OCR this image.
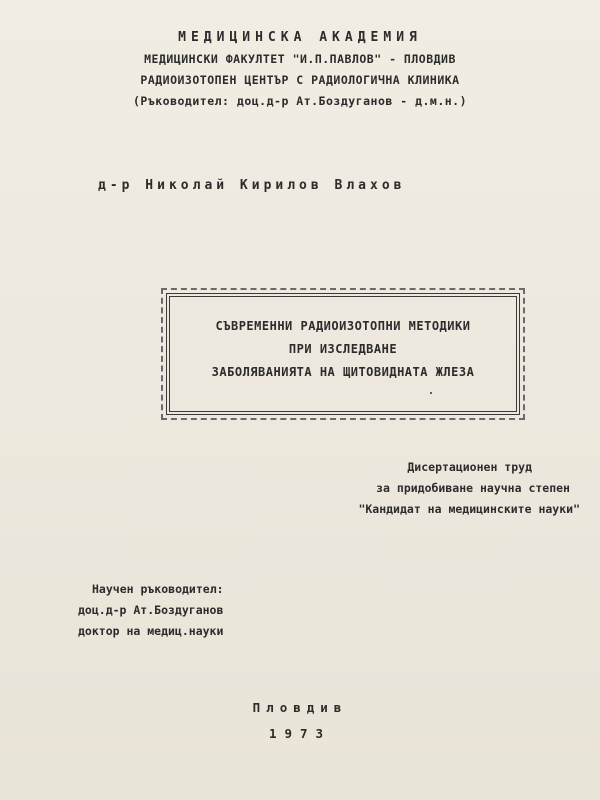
МЕДИЦИНСКА АКАДЕМИЯ
МЕДИЦИНСКИ ФАКУЛТЕТ "И.П.ПАВЛОВ" - ПЛОВДИВ
РАДИОИЗОТОПЕН ЦЕНТЪР С РАДИОЛОГИЧНА КЛИНИКА
(Ръководител: доц.д-р Ат.Боздуганов - д.м.н.)
д-р Николай Кирилов Влахов
СЪВРЕМЕННИ РАДИОИЗОТОПНИ МЕТОДИКИ
ПРИ ИЗСЛЕДВАНЕ
ЗАБОЛЯВАНИЯТА НА ЩИТОВИДНАТА ЖЛЕЗА
Дисертационен труд
за придобиване научна степен
"Кандидат на медицинските науки"
Научен ръководител:
доц.д-р Ат.Боздуганов
доктор на медиц.науки
Пловдив
1973
